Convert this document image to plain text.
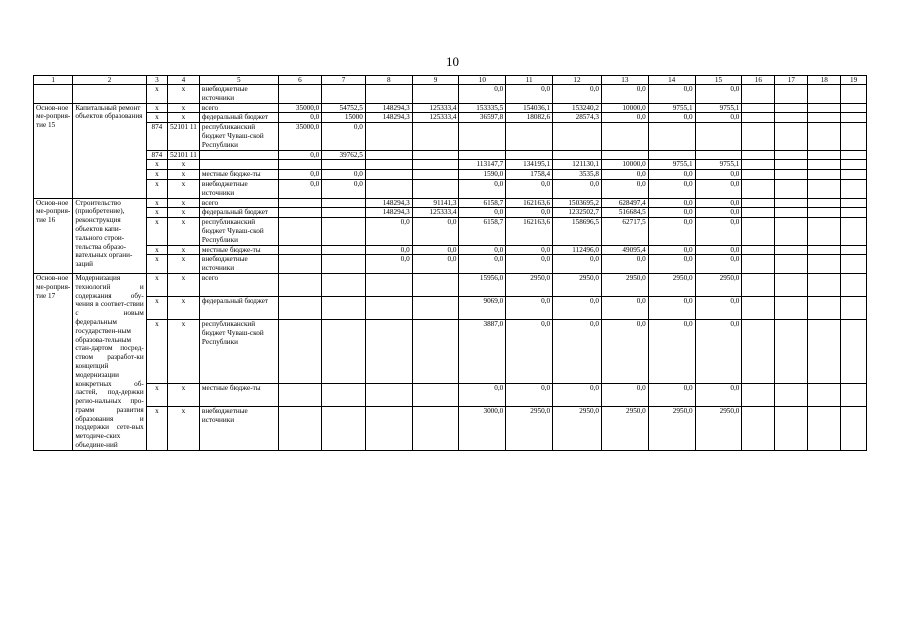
10
1	2	3	4	5	6	7	8	9	10	11	12	13	14	15	16	17	18	19
		х	х	внебюджетные источники					0,0	0,0	0,0	0,0	0,0	0,0				
Основ-ное ме-роприя-тие 15	Капитальный ремонт объектов образования	х	х	всего	35000,0	54752,5	148294,3	125333,4	153335,5	154036,1	153240,2	10000,0	9755,1	9755,1				
		х	х	федеральный бюджет	0,0	15000	148294,3	125333,4	36597,8	18082,6	28574,3	0,0	0,0	0,0				
		874	52101 11	республиканский бюджет Чуваш-ской Республики	35000,0	0,0												
		874	52101 11		0,0	39762,5												
		х	х						113147,7	134195,1	121130,1	10000,0	9755,1	9755,1				
		х	х	местные бюдже-ты	0,0	0,0			1590,0	1758,4	3535,8	0,0	0,0	0,0				
		х	х	внебюджетные источники	0,0	0,0			0,0	0,0	0,0	0,0	0,0	0,0				
Основ-ное ме-роприя-тие 16	Строительство (приобретение), реконструкция объектов капи-тального строи-тельства образо-вательных органи-заций	х	х	всего			148294,3	91141,3	6158,7	162163,6	1503695,2	628497,4	0,0	0,0				
		х	х	федеральный бюджет			148294,3	125333,4	0,0	0,0	1232502,7	516684,5	0,0	0,0				
		х	х	республиканский бюджет Чуваш-ской Республики			0,0	0,0	6158,7	162163,6	158696,5	62717,5	0,0	0,0				
		х	х	местные бюдже-ты			0,0	0,0	0,0	0,0	112496,0	49095,4	0,0	0,0				
		х	х	внебюджетные источники			0,0	0,0	0,0	0,0	0,0	0,0	0,0	0,0				
Основ-ное ме-роприя-тие 17	Модернизация технологий и содержания обу-чения в соответ-ствии с новым федеральным государствен-ным образова-тельным стан-дартом посред-ством разработ-ки концепций модернизации конкретных об-ластей, под-держки регио-нальных про-грамм развития образования и поддержки сете-вых методиче-ских объедине-ний	х	х	всего					15956,0	2950,0	2950,0	2950,0	2950,0	2950,0				
		х	х	федеральный бюджет					9069,0	0,0	0,0	0,0	0,0	0,0				
		х	х	республиканский бюджет Чуваш-ской Республики					3887,0	0,0	0,0	0,0	0,0	0,0				
		х	х	местные бюдже-ты					0,0	0,0	0,0	0,0	0,0	0,0				
		х	х	внебюджетные источники					3000,0	2950,0	2950,0	2950,0	2950,0	2950,0				
